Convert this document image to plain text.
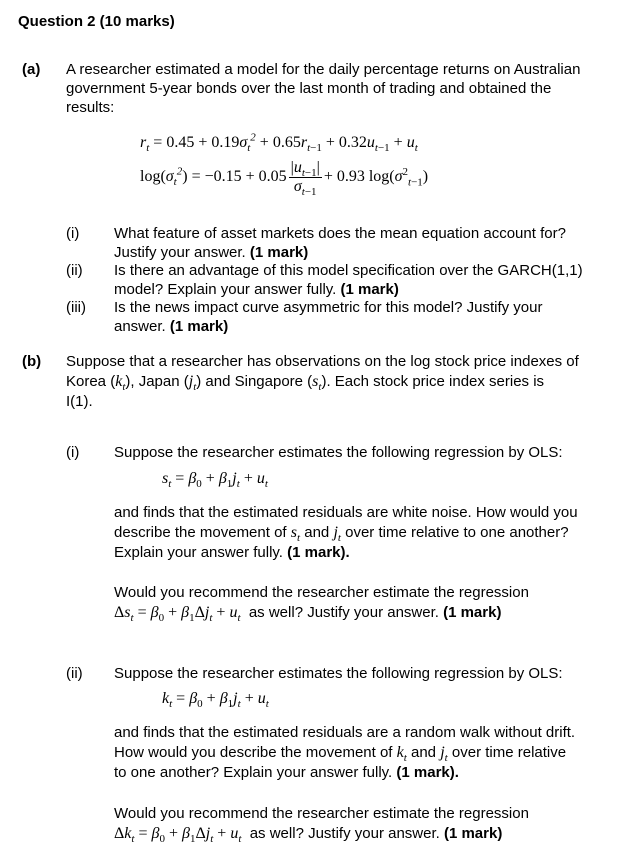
Question 2 (10 marks)
(a) A researcher estimated a model for the daily percentage returns on Australian
government 5-year bonds over the last month of trading and obtained the
results:
$r_t = 0.45 + 0.19\sigma_t^2 + 0.65r_{t-1} + 0.32u_{t-1} + u_t$
$\log(\sigma_t^2) = -0.15 + 0.05 \frac{|u_{t-1}|}{\sigma_{t-1}} + 0.93$ $\log(\sigma^2_{t-1})$
(i) What feature of asset markets does the mean equation account for?
Justify your answer. (1 mark)
(ii) Is there an advantage of this model specification over the GARCH(1,1)
model? Explain your answer fully. (1 mark)
(iii) Is the news impact curve asymmetric for this model? Justify your
answer. (1 mark)
(b) Suppose that a researcher has observations on the log stock price indexes of
Korea $(k_t)$, Japan $(j_t)$ and Singapore $(s_t)$. Each stock price index series is
I(1).
(i) Suppose the researcher estimates the following regression by OLS:
$s_t = \beta_0 + \beta_1j_t + u_t$
and finds that the estimated residuals are white noise. How would you
describe the movement of $s_t$ and $j_t$ over time relative to one another?
Explain your answer fully. (1 mark).
Would you recommend the researcher estimate the regression
$\Delta s_t = \beta_0 + \beta_1\Delta j_t + u_t$ as well? Justify your answer. (1 mark)
(ii) Suppose the researcher estimates the following regression by OLS:
$k_t = \beta_0 + \beta_1j_t + u_t$
and finds that the estimated residuals are a random walk without drift.
How would you describe the movement of $k_t$ and $j_t$ over time relative
to one another? Explain your answer fully. (1 mark).
Would you recommend the researcher estimate the regression
$\Delta k_t = \beta_0 + \beta_1\Delta j_t + u_t$ as well? Justify your answer. (1 mark)
